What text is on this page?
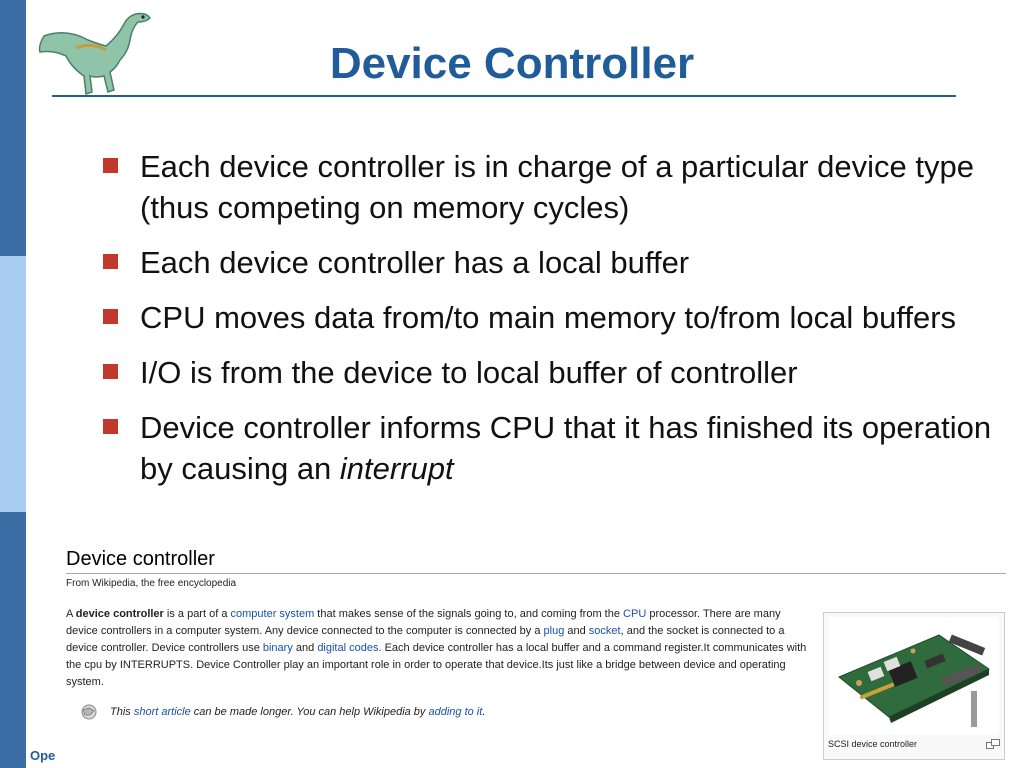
Device Controller
Each device controller is in charge of a particular device type (thus competing on memory cycles)
Each device controller has a local buffer
CPU moves data from/to main memory to/from local buffers
I/O is from the device to local buffer of controller
Device controller informs CPU that it has finished its operation by causing an interrupt
Device controller
From Wikipedia, the free encyclopedia
A device controller is a part of a computer system that makes sense of the signals going to, and coming from the CPU processor. There are many device controllers in a computer system. Any device connected to the computer is connected by a plug and socket, and the socket is connected to a device controller. Device controllers use binary and digital codes. Each device controller has a local buffer and a command register.It communicates with the cpu by INTERRUPTS. Device Controller play an important role in order to operate that device.Its just like a bridge between device and operating system.
This short article can be made longer. You can help Wikipedia by adding to it.
SCSI device controller
Ope
